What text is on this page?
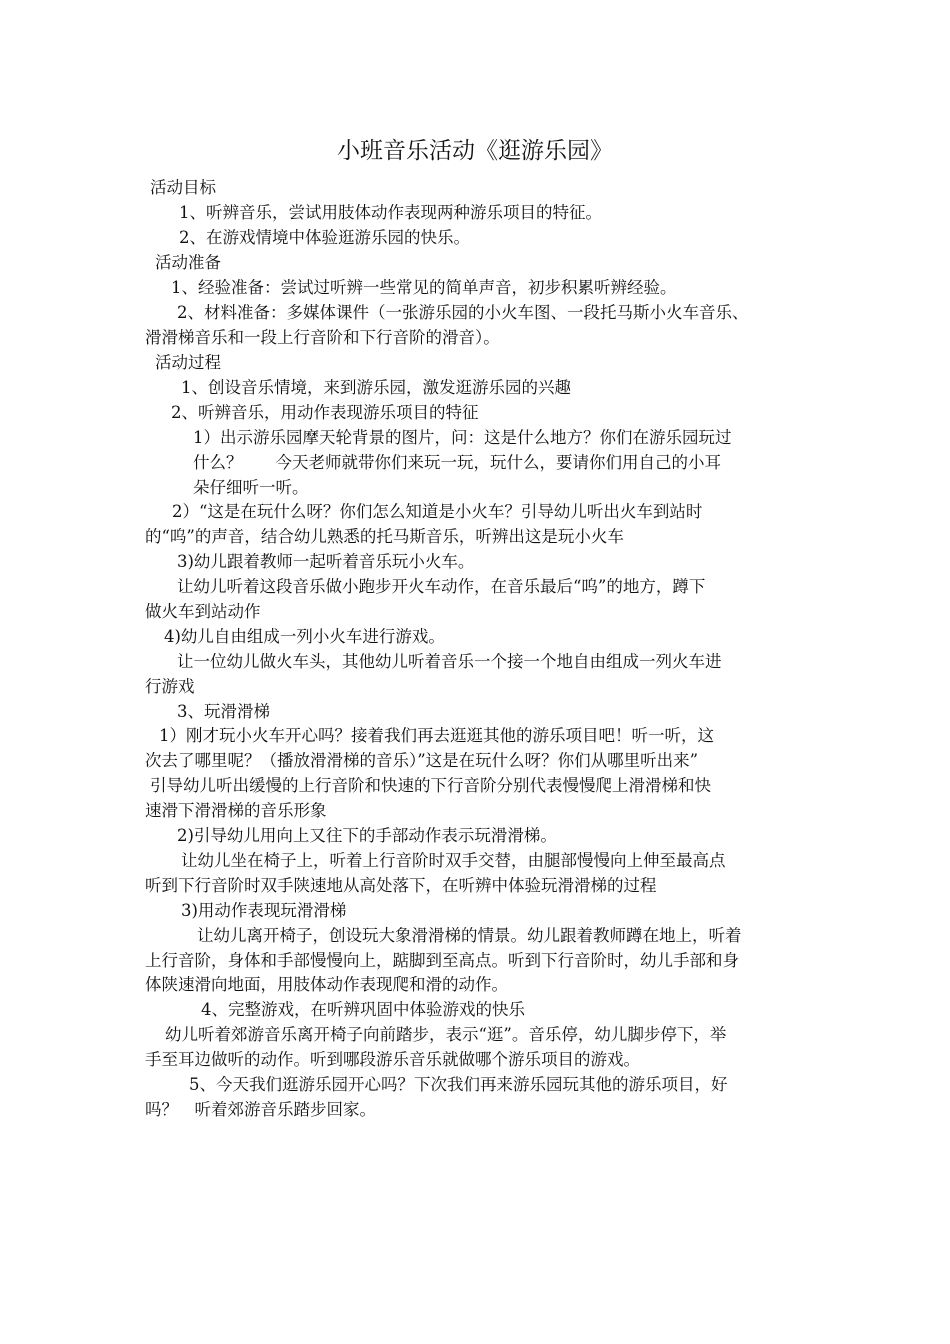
小班音乐活动《逛游乐园》
活动目标
1、听辨音乐，尝试用肢体动作表现两种游乐项目的特征。
2、在游戏情境中体验逛游乐园的快乐。
活动准备
1、经验准备：尝试过听辨一些常见的简单声音，初步积累听辨经验。
2、材料准备：多媒体课件（一张游乐园的小火车图、一段托马斯小火车音乐、
滑滑梯音乐和一段上行音阶和下行音阶的滑音）。
活动过程
1、创设音乐情境，来到游乐园，激发逛游乐园的兴趣
2、听辨音乐，用动作表现游乐项目的特征
1）出示游乐园摩天轮背景的图片，问：这是什么地方？你们在游乐园玩过
什么？　　今天老师就带你们来玩一玩，玩什么，要请你们用自己的小耳
朵仔细听一听。
2）“这是在玩什么呀？你们怎么知道是小火车？引导幼儿听出火车到站时
的“呜”的声音，结合幼儿熟悉的托马斯音乐，听辨出这是玩小火车
3)幼儿跟着教师一起听着音乐玩小火车。
让幼儿听着这段音乐做小跑步开火车动作，在音乐最后“呜”的地方，蹲下
做火车到站动作
4)幼儿自由组成一列小火车进行游戏。
让一位幼儿做火车头，其他幼儿听着音乐一个接一个地自由组成一列火车进
行游戏
3、玩滑滑梯
1）刚才玩小火车开心吗？接着我们再去逛逛其他的游乐项目吧！听一听，这
次去了哪里呢？（播放滑滑梯的音乐）”这是在玩什么呀？你们从哪里听出来”
引导幼儿听出缓慢的上行音阶和快速的下行音阶分别代表慢慢爬上滑滑梯和快
速滑下滑滑梯的音乐形象
2)引导幼儿用向上又往下的手部动作表示玩滑滑梯。
让幼儿坐在椅子上，听着上行音阶时双手交替，由腿部慢慢向上伸至最高点
听到下行音阶时双手陕速地从高处落下，在听辨中体验玩滑滑梯的过程
3)用动作表现玩滑滑梯
让幼儿离开椅子，创设玩大象滑滑梯的情景。幼儿跟着教师蹲在地上，听着
上行音阶，身体和手部慢慢向上，踮脚到至高点。听到下行音阶时，幼儿手部和身
体陕速滑向地面，用肢体动作表现爬和滑的动作。
4、完整游戏，在听辨巩固中体验游戏的快乐
幼儿听着郊游音乐离开椅子向前踏步，表示“逛”。音乐停，幼儿脚步停下，举
手至耳边做听的动作。听到哪段游乐音乐就做哪个游乐项目的游戏。
5、今天我们逛游乐园开心吗？下次我们再来游乐园玩其他的游乐项目，好
吗？　听着郊游音乐踏步回家。
